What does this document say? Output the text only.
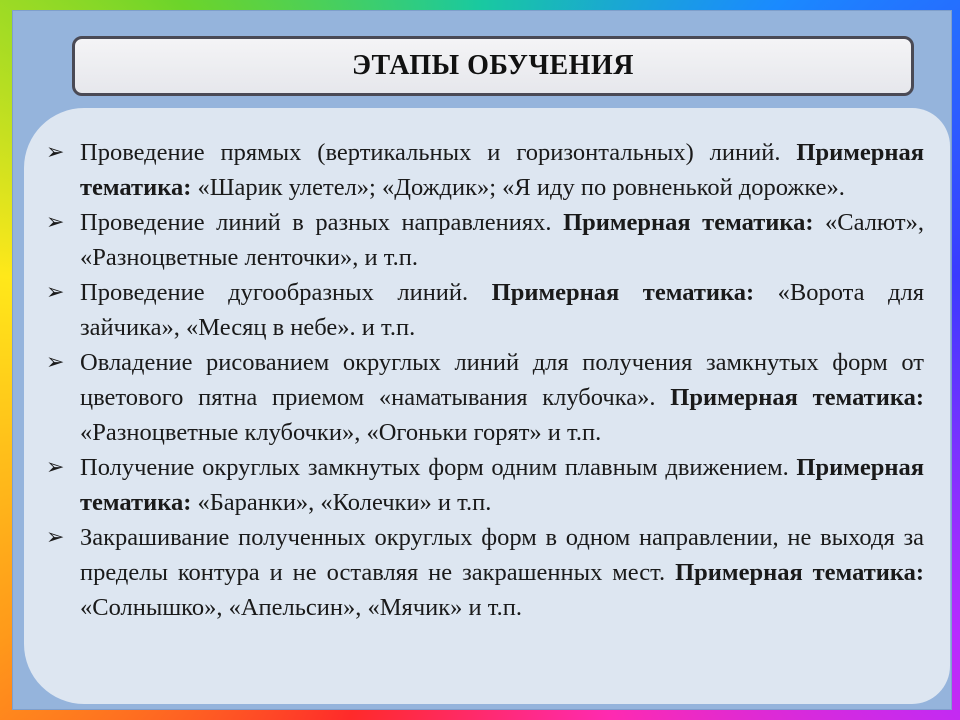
ЭТАПЫ ОБУЧЕНИЯ
➢ Проведение прямых (вертикальных и горизонтальных) линий. Примерная тематика: «Шарик улетел»; «Дождик»; «Я иду по ровненькой дорожке».
➢ Проведение линий в разных направлениях. Примерная тематика: «Салют», «Разноцветные ленточки», и т.п.
➢ Проведение дугообразных линий. Примерная тематика: «Ворота для зайчика», «Месяц в небе». и т.п.
➢ Овладение рисованием округлых линий для получения замкнутых форм от цветового пятна приемом «наматывания клубочка». Примерная тематика: «Разноцветные клубочки», «Огоньки горят» и т.п.
➢ Получение округлых замкнутых форм одним плавным движением. Примерная тематика: «Баранки», «Колечки» и т.п.
➢ Закрашивание полученных округлых форм в одном направлении, не выходя за пределы контура и не оставляя не закрашенных мест. Примерная тематика: «Солнышко», «Апельсин», «Мячик» и т.п.
